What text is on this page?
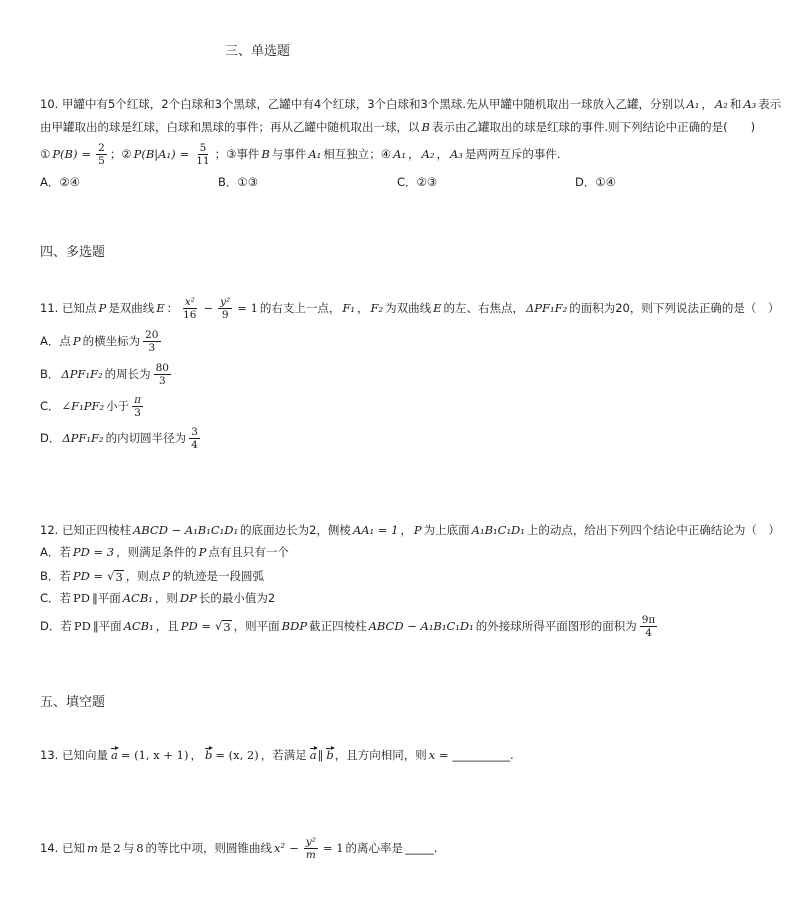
三、单选题
10. 甲罐中有5个红球，2个白球和3个黑球，乙罐中有4个红球，3个白球和3个黑球.先从甲罐中随机取出一球放入乙罐，分别以 A₁ ， A₂ 和 A₃ 表示
由甲罐取出的球是红球，白球和黑球的事件；再从乙罐中随机取出一球，以 B 表示由乙罐取出的球是红球的事件.则下列结论中正确的是(　　)
① $P(B) = \frac{2}{5}$ ；② $P(B|A_1) = \frac{5}{11}$ ；③事件 B 与事件 A₁ 相互独立；④ A₁ ， A₂ ， A₃ 是两两互斥的事件.
A．②④	B．①③	C．②③	D．①④
四、多选题
11. 已知点 P 是双曲线 E ： $\frac{\text{x²}}{16} - \frac{\text{y²}}{9} = 1$ 的右支上一点， F₁ ， F₂ 为双曲线 E 的左、右焦点， ΔPF₁F₂ 的面积为20，则下列说法正确的是（　）
A．点 P 的横坐标为 $\frac{20}{3}$
B． ΔPF₁F₂ 的周长为 $\frac{80}{3}$
C． ∠F₁PF₂ 小于 $\frac{\pi}{3}$
D． ΔPF₁F₂ 的内切圆半径为 $\frac{3}{4}$
12. 已知正四棱柱 ABCD − A₁B₁C₁D₁ 的底面边长为2，侧棱 AA₁ = 1 ， P 为上底面 A₁B₁C₁D₁ 上的动点，给出下列四个结论中正确结论为（　）
A．若 PD = 3 ，则满足条件的 P 点有且只有一个
B．若 PD = √ 3 ，则点 P 的轨迹是一段圆弧
C．若 PD ∥ 平面 ACB₁ ，则 DP 长的最小值为2
D．若 PD ∥ 平面 ACB₁ ，且 PD = √ 3 ，则平面 BDP 截正四棱柱 ABCD − A₁B₁C₁D₁ 的外接球所得平面图形的面积为 $\frac{9\pi}{4}$
五、填空题
13. 已知向量 a = (1, x + 1) ， b = (x, 2) ，若满足 a ∥ b ，且方向相同，则 x = __________.
14. 已知 m 是 2 与 8 的等比中项，则圆锥曲线 $x^2 - \frac{\text{y²}}{m} = 1$ 的离心率是 _____.
